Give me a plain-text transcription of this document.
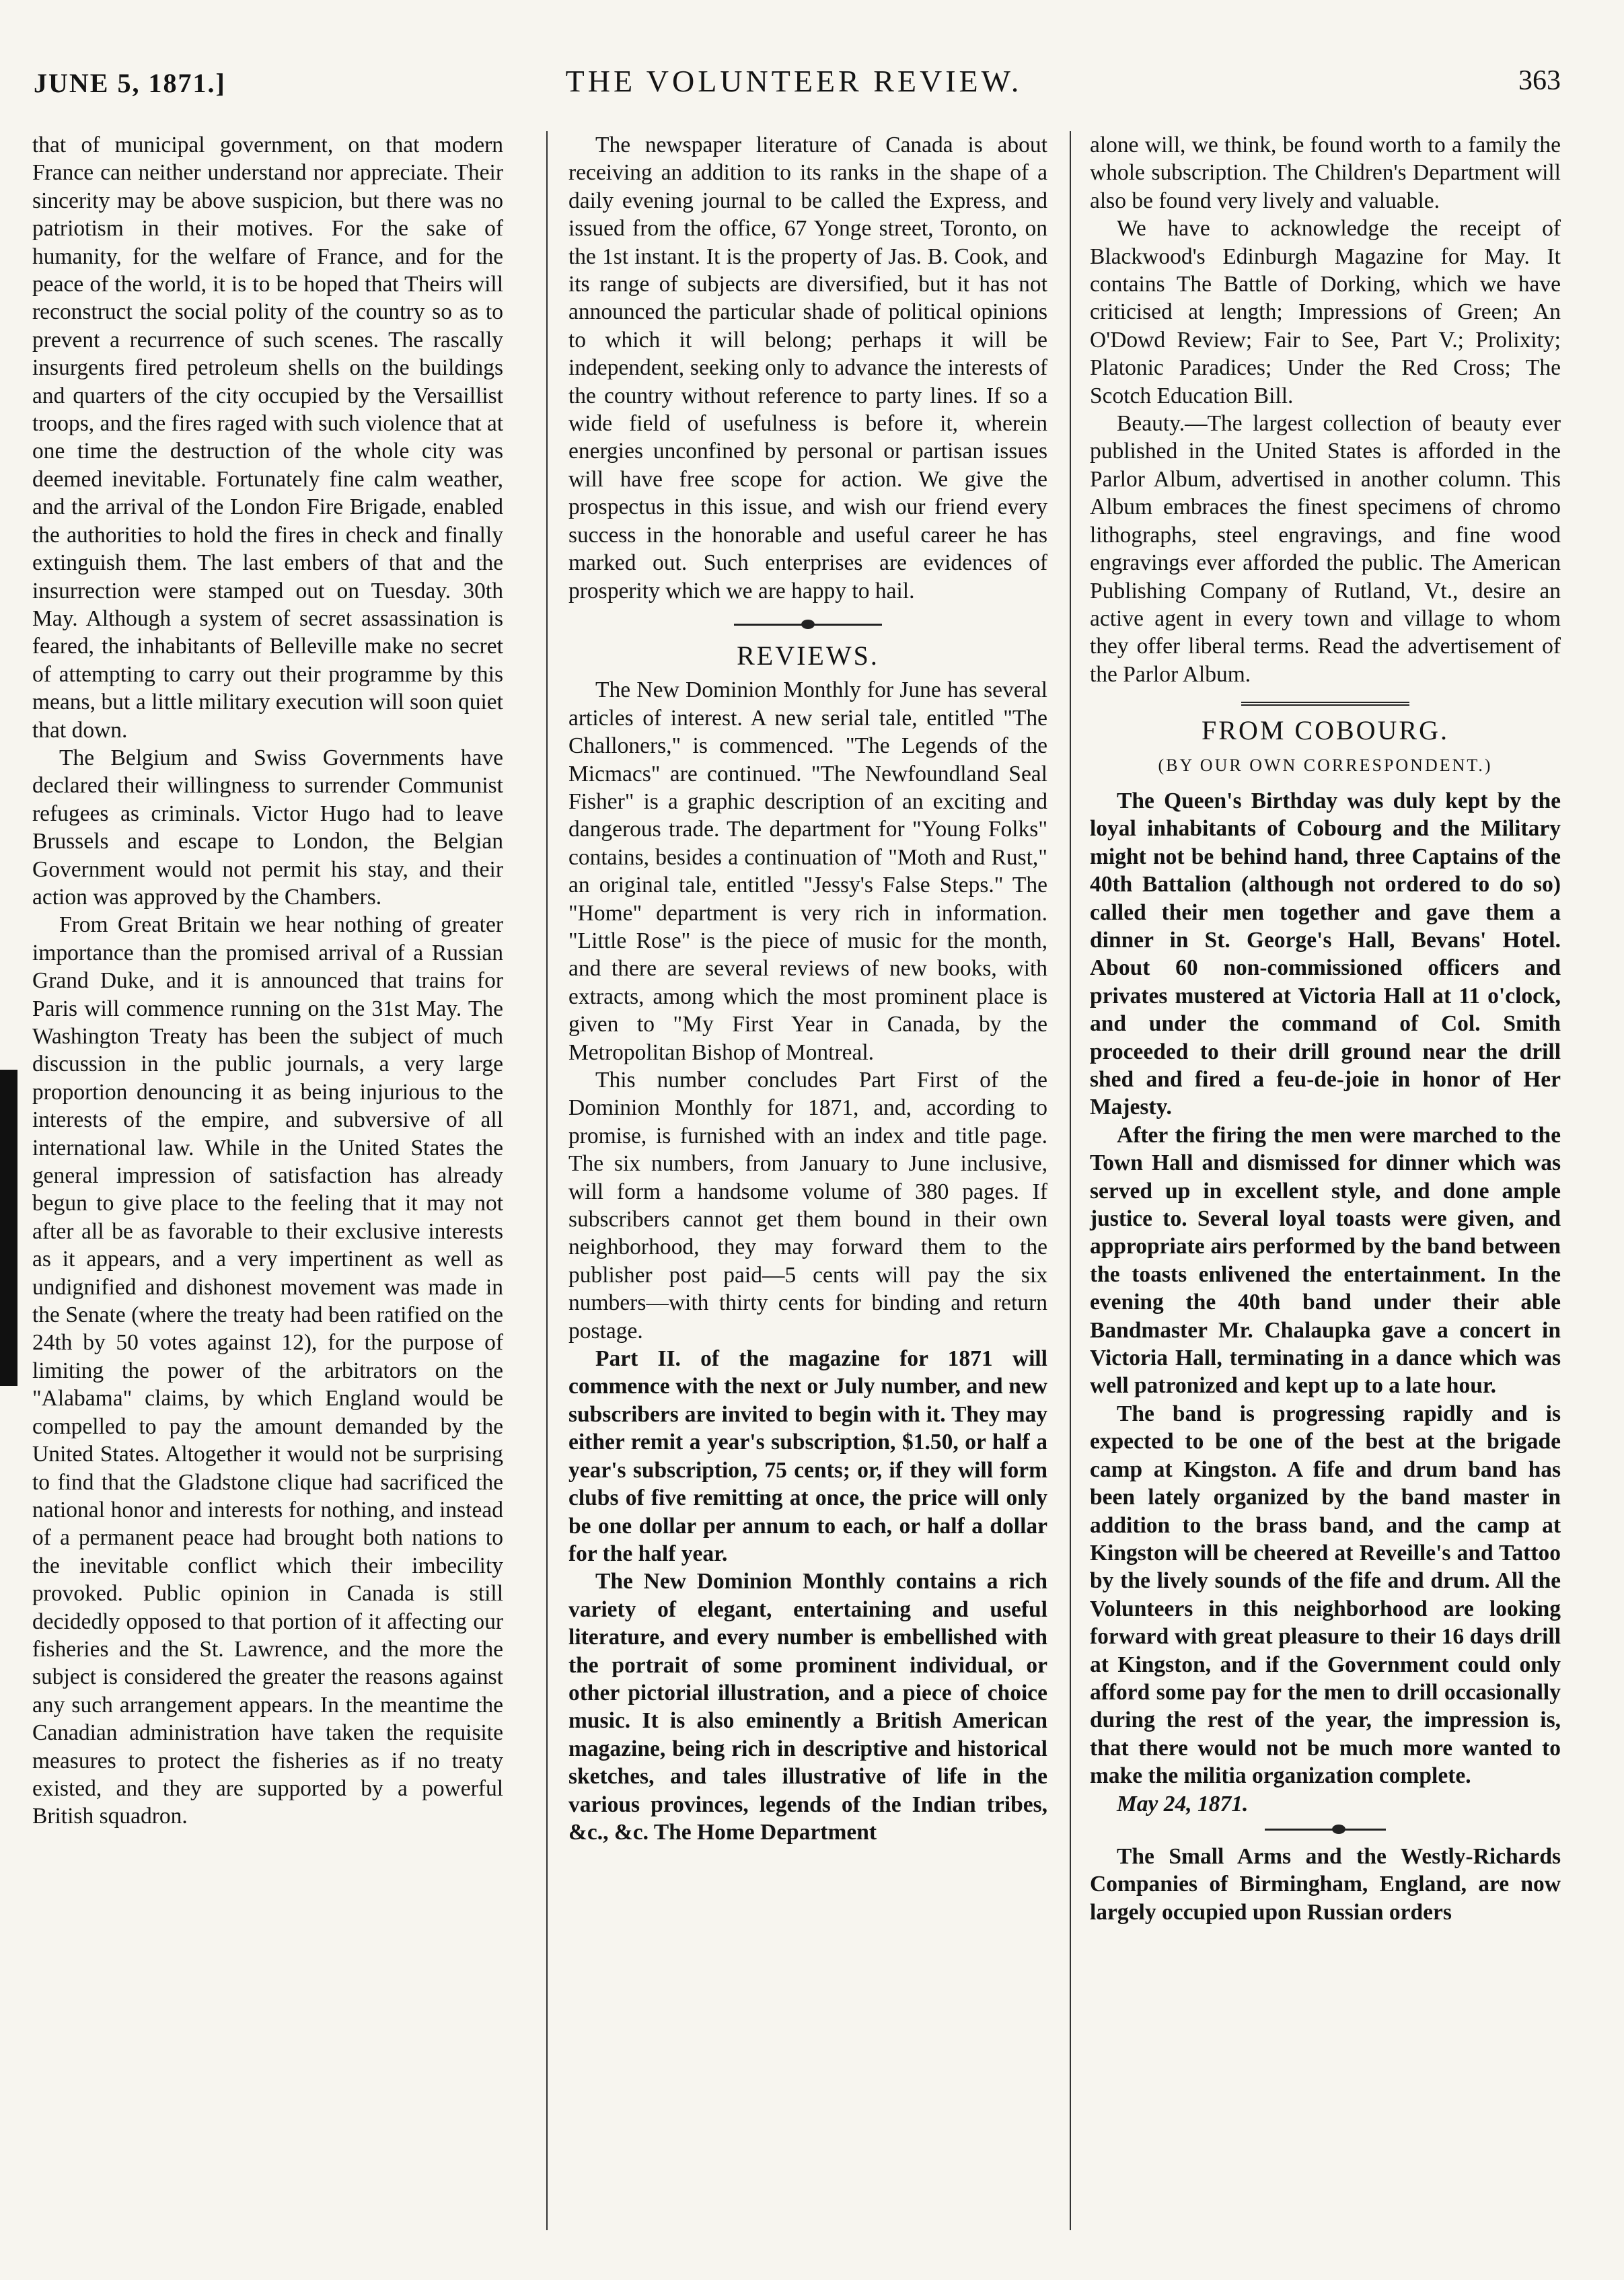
JUNE 5, 1871.]	THE VOLUNTEER REVIEW.	363

that of municipal government, on that modern France can neither understand nor appreciate. Their sincerity may be above suspicion, but there was no patriotism in their motives. For the sake of humanity, for the welfare of France, and for the peace of the world, it is to be hoped that Theirs will reconstruct the social polity of the country so as to prevent a recurrence of such scenes. The rascally insurgents fired petroleum shells on the buildings and quarters of the city occupied by the Versaillist troops, and the fires raged with such violence that at one time the destruction of the whole city was deemed inevitable. Fortunately fine calm weather, and the arrival of the London Fire Brigade, enabled the authorities to hold the fires in check and finally extinguish them. The last embers of that and the insurrection were stamped out on Tuesday. 30th May. Although a system of secret assassination is feared, the inhabitants of Belleville make no secret of attempting to carry out their programme by this means, but a little military execution will soon quiet that down.

The Belgium and Swiss Governments have declared their willingness to surrender Communist refugees as criminals. Victor Hugo had to leave Brussels and escape to London, the Belgian Government would not permit his stay, and their action was approved by the Chambers.

From Great Britain we hear nothing of greater importance than the promised arrival of a Russian Grand Duke, and it is announced that trains for Paris will commence running on the 31st May. The Washington Treaty has been the subject of much discussion in the public journals, a very large proportion denouncing it as being injurious to the interests of the empire, and subversive of all international law. While in the United States the general impression of satisfaction has already begun to give place to the feeling that it may not after all be as favorable to their exclusive interests as it appears, and a very impertinent as well as undignified and dishonest movement was made in the Senate (where the treaty had been ratified on the 24th by 50 votes against 12), for the purpose of limiting the power of the arbitrators on the "Alabama" claims, by which England would be compelled to pay the amount demanded by the United States. Altogether it would not be surprising to find that the Gladstone clique had sacrificed the national honor and interests for nothing, and instead of a permanent peace had brought both nations to the inevitable conflict which their imbecility provoked. Public opinion in Canada is still decidedly opposed to that portion of it affecting our fisheries and the St. Lawrence, and the more the subject is considered the greater the reasons against any such arrangement appears. In the meantime the Canadian administration have taken the requisite measures to protect the fisheries as if no treaty existed, and they are supported by a powerful British squadron.

The newspaper literature of Canada is about receiving an addition to its ranks in the shape of a daily evening journal to be called the Express, and issued from the office, 67 Yonge street, Toronto, on the 1st instant. It is the property of Jas. B. Cook, and its range of subjects are diversified, but it has not announced the particular shade of political opinions to which it will belong; perhaps it will be independent, seeking only to advance the interests of the country without reference to party lines. If so a wide field of usefulness is before it, wherein energies unconfined by personal or partisan issues will have free scope for action. We give the prospectus in this issue, and wish our friend every success in the honorable and useful career he has marked out. Such enterprises are evidences of prosperity which we are happy to hail.

REVIEWS.

The New Dominion Monthly for June has several articles of interest. A new serial tale, entitled "The Challoners," is commenced. "The Legends of the Micmacs" are continued. "The Newfoundland Seal Fisher" is a graphic description of an exciting and dangerous trade. The department for "Young Folks" contains, besides a continuation of "Moth and Rust," an original tale, entitled "Jessy's False Steps." The "Home" department is very rich in information. "Little Rose" is the piece of music for the month, and there are several reviews of new books, with extracts, among which the most prominent place is given to "My First Year in Canada, by the Metropolitan Bishop of Montreal.

This number concludes Part First of the Dominion Monthly for 1871, and, according to promise, is furnished with an index and title page. The six numbers, from January to June inclusive, will form a handsome volume of 380 pages. If subscribers cannot get them bound in their own neighborhood, they may forward them to the publisher post paid—5 cents will pay the six numbers—with thirty cents for binding and return postage.

Part II. of the magazine for 1871 will commence with the next or July number, and new subscribers are invited to begin with it. They may either remit a year's subscription, $1.50, or half a year's subscription, 75 cents; or, if they will form clubs of five remitting at once, the price will only be one dollar per annum to each, or half a dollar for the half year.

The New Dominion Monthly contains a rich variety of elegant, entertaining and useful literature, and every number is embellished with the portrait of some prominent individual, or other pictorial illustration, and a piece of choice music. It is also eminently a British American magazine, being rich in descriptive and historical sketches, and tales illustrative of life in the various provinces, legends of the Indian tribes, &c., &c. The Home Department

alone will, we think, be found worth to a family the whole subscription. The Children's Department will also be found very lively and valuable.

We have to acknowledge the receipt of Blackwood's Edinburgh Magazine for May. It contains The Battle of Dorking, which we have criticised at length; Impressions of Green; An O'Dowd Review; Fair to See, Part V.; Prolixity; Platonic Paradices; Under the Red Cross; The Scotch Education Bill.

Beauty.—The largest collection of beauty ever published in the United States is afforded in the Parlor Album, advertised in another column. This Album embraces the finest specimens of chromo lithographs, steel engravings, and fine wood engravings ever afforded the public. The American Publishing Company of Rutland, Vt., desire an active agent in every town and village to whom they offer liberal terms. Read the advertisement of the Parlor Album.

FROM COBOURG.
(BY OUR OWN CORRESPONDENT.)

The Queen's Birthday was duly kept by the loyal inhabitants of Cobourg and the Military might not be behind hand, three Captains of the 40th Battalion (although not ordered to do so) called their men together and gave them a dinner in St. George's Hall, Bevans' Hotel. About 60 non-commissioned officers and privates mustered at Victoria Hall at 11 o'clock, and under the command of Col. Smith proceeded to their drill ground near the drill shed and fired a feu-de-joie in honor of Her Majesty.

After the firing the men were marched to the Town Hall and dismissed for dinner which was served up in excellent style, and done ample justice to. Several loyal toasts were given, and appropriate airs performed by the band between the toasts enlivened the entertainment. In the evening the 40th band under their able Bandmaster Mr. Chalaupka gave a concert in Victoria Hall, terminating in a dance which was well patronized and kept up to a late hour.

The band is progressing rapidly and is expected to be one of the best at the brigade camp at Kingston. A fife and drum band has been lately organized by the band master in addition to the brass band, and the camp at Kingston will be cheered at Reveille's and Tattoo by the lively sounds of the fife and drum. All the Volunteers in this neighborhood are looking forward with great pleasure to their 16 days drill at Kingston, and if the Government could only afford some pay for the men to drill occasionally during the rest of the year, the impression is, that there would not be much more wanted to make the militia organization complete.

May 24, 1871.

The Small Arms and the Westly-Richards Companies of Birmingham, England, are now largely occupied upon Russian orders
